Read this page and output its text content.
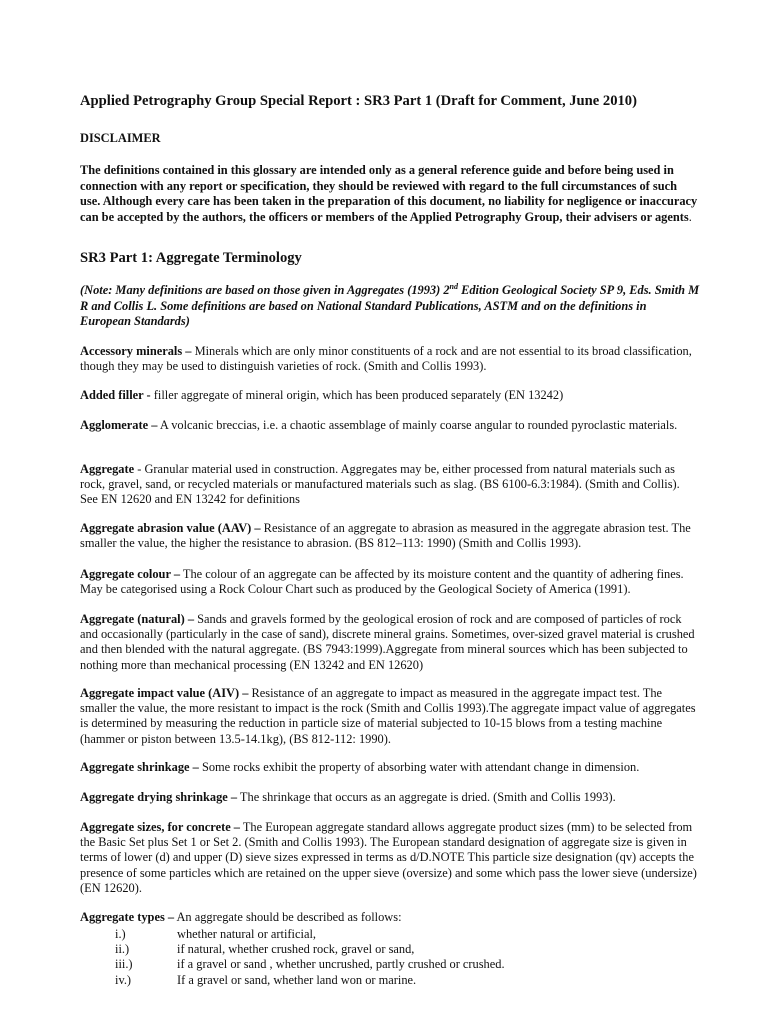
Applied Petrography Group Special Report : SR3 Part 1 (Draft for Comment, June 2010)
DISCLAIMER

The definitions contained in this glossary are intended only as a general reference guide and before being used in connection with any report or specification, they should be reviewed with regard to the full circumstances of such use. Although every care has been taken in the preparation of this document, no liability for negligence or inaccuracy can be accepted by the authors, the officers or members of the Applied Petrography Group, their advisers or agents.

SR3 Part 1: Aggregate Terminology

(Note: Many definitions are based on those given in Aggregates (1993) 2nd Edition Geological Society SP 9, Eds. Smith M R and Collis L. Some definitions are based on National Standard Publications, ASTM and on the definitions in European Standards)

Accessory minerals – Minerals which are only minor constituents of a rock and are not essential to its broad classification, though they may be used to distinguish varieties of rock. (Smith and Collis 1993).

Added filler - filler aggregate of mineral origin, which has been produced separately (EN 13242)

Agglomerate – A volcanic breccias, i.e. a chaotic assemblage of mainly coarse angular to rounded pyroclastic materials.

Aggregate - Granular material used in construction. Aggregates may be, either processed from natural materials such as rock, gravel, sand, or recycled materials or manufactured materials such as slag. (BS 6100-6.3:1984). (Smith and Collis). See EN 12620 and EN 13242 for definitions

Aggregate abrasion value (AAV) – Resistance of an aggregate to abrasion as measured in the aggregate abrasion test. The smaller the value, the higher the resistance to abrasion. (BS 812–113: 1990) (Smith and Collis 1993).

Aggregate colour – The colour of an aggregate can be affected by its moisture content and the quantity of adhering fines. May be categorised using a Rock Colour Chart such as produced by the Geological Society of America (1991).

Aggregate (natural) – Sands and gravels formed by the geological erosion of rock and are composed of particles of rock and occasionally (particularly in the case of sand), discrete mineral grains. Sometimes, over-sized gravel material is crushed and then blended with the natural aggregate. (BS 7943:1999).Aggregate from mineral sources which has been subjected to nothing more than mechanical processing (EN 13242 and EN 12620)

Aggregate impact value (AIV) – Resistance of an aggregate to impact as measured in the aggregate impact test. The smaller the value, the more resistant to impact is the rock (Smith and Collis 1993).The aggregate impact value of aggregates is determined by measuring the reduction in particle size of material subjected to 10-15 blows from a testing machine (hammer or piston between 13.5-14.1kg), (BS 812-112: 1990).

Aggregate shrinkage – Some rocks exhibit the property of absorbing water with attendant change in dimension.

Aggregate drying shrinkage – The shrinkage that occurs as an aggregate is dried. (Smith and Collis 1993).

Aggregate sizes, for concrete – The European aggregate standard allows aggregate product sizes (mm) to be selected from the Basic Set plus Set 1 or Set 2. (Smith and Collis 1993). The European standard designation of aggregate size is given in terms of lower (d) and upper (D) sieve sizes expressed in terms as d/D.NOTE This particle size designation (qv) accepts the presence of some particles which are retained on the upper sieve (oversize) and some which pass the lower sieve (undersize) (EN 12620).

Aggregate types – An aggregate should be described as follows:

i.)	whether natural or artificial,
ii.)	if natural, whether crushed rock, gravel or sand,
iii.)	if a gravel or sand , whether uncrushed, partly crushed or crushed.
iv.)	If a gravel or sand, whether land won or marine.
